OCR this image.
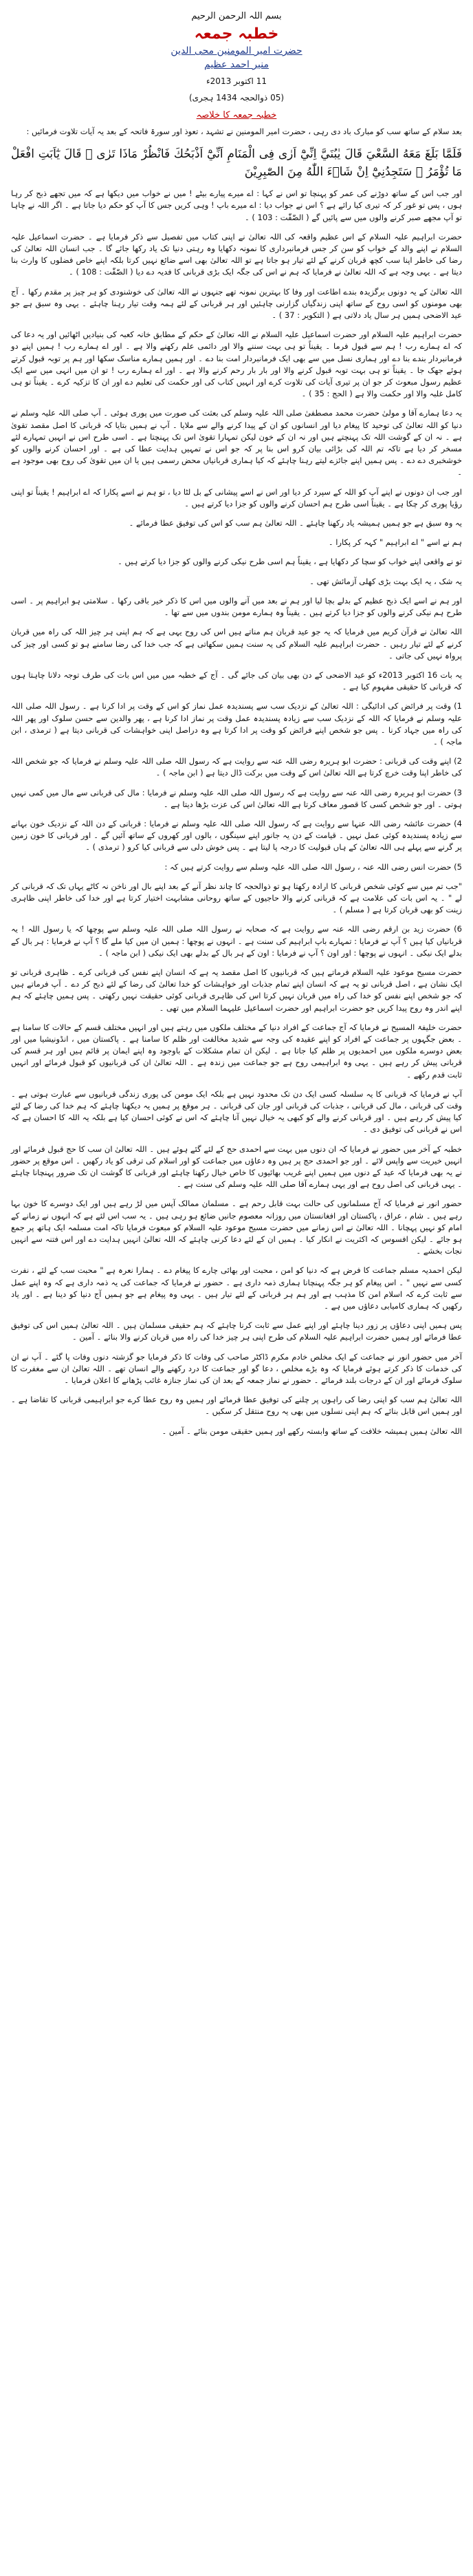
بسم اللہ الرحمن الرحیم
خطبہ جمعہ
حضرت امیر المومنین محی الدین
منیر احمد عظیم
11 اکتوبر 2013ء
(05 ذوالحجہ 1434 ہجری)
خطبہ جمعہ کا خلاصہ

بعد سلام کے ساتھ سب کو مبارک باد دی رہی ، حضرت امیر المومنین نے تشہد ، تعوذ اور سورۃ فاتحہ کے بعد یہ آیات تلاوت فرمائیں :

فَلَمَّا بَلَغَ مَعَهُ السَّعْيَ قَالَ يٰبُنَيَّ اِنِّيْٓ اَرٰى فِى الْمَنَامِ اَنِّيْٓ اَذْبَحُكَ فَانْظُرْ مَاذَا تَرٰى ۭ قَالَ يٰٓاَبَتِ افْعَلْ مَا تُؤْمَرُ ۡ سَتَجِدُنِيْٓ اِنْ شَاۗءَ اللّٰهُ مِنَ الصّٰبِرِيْنَ

اور جب اس کے ساتھ دوڑنے کی عمر کو پہنچا تو اس نے کہا : اے میرے پیارے بیٹے ! میں نے خواب میں دیکھا ہے کہ میں تجھے ذبح کر رہا ہوں ، پس تو غور کر کہ تیری کیا رائے ہے ؟ اس نے جواب دیا : اے میرے باپ ! وہی کریں جس کا آپ کو حکم دیا جاتا ہے ۔ اگر اللہ نے چاہا تو آپ مجھے صبر کرنے والوں میں سے پائیں گے ( الصّٰفّٰت : 103 ) ۔

حضرت ابراہیم علیہ السلام کے اس عظیم واقعہ کی اللہ تعالیٰ نے اپنی کتاب میں تفصیل سے ذکر فرمایا ہے ۔ حضرت اسماعیل علیہ السلام نے اپنے والد کے خواب کو سن کر جس فرمانبرداری کا نمونہ دکھایا وہ رہتی دنیا تک یاد رکھا جائے گا ۔ جب انسان اللہ تعالیٰ کی رضا کی خاطر اپنا سب کچھ قربان کرنے کے لئے تیار ہو جاتا ہے تو اللہ تعالیٰ بھی اسے ضائع نہیں کرتا بلکہ اپنے خاص فضلوں کا وارث بنا دیتا ہے ۔ یہی وجہ ہے کہ اللہ تعالیٰ نے فرمایا کہ ہم نے اس کی جگہ ایک بڑی قربانی کا فدیہ دے دیا ( الصّٰفّٰت : 108 ) ۔

اللہ تعالیٰ کے یہ دونوں برگزیدہ بندے اطاعت اور وفا کا بہترین نمونہ تھے جنہوں نے اللہ تعالیٰ کی خوشنودی کو ہر چیز پر مقدم رکھا ۔ آج بھی مومنوں کو اسی روح کے ساتھ اپنی زندگیاں گزارنی چاہئیں اور ہر قربانی کے لئے ہمہ وقت تیار رہنا چاہئے ۔ یہی وہ سبق ہے جو عید الاضحی ہمیں ہر سال یاد دلاتی ہے ( التکویر : 37 ) ۔

حضرت ابراہیم علیہ السلام اور حضرت اسماعیل علیہ السلام نے اللہ تعالیٰ کے حکم کے مطابق خانہ کعبہ کی بنیادیں اٹھائیں اور یہ دعا کی کہ اے ہمارے رب ! ہم سے قبول فرما ۔ یقیناً تو ہی بہت سننے والا اور دائمی علم رکھنے والا ہے ۔ اور اے ہمارے رب ! ہمیں اپنے دو فرمانبردار بندے بنا دے اور ہماری نسل میں سے بھی ایک فرمانبردار امت بنا دے ۔ اور ہمیں ہمارے مناسک سکھا اور ہم پر توبہ قبول کرتے ہوئے جھک جا ۔ یقیناً تو ہی بہت توبہ قبول کرنے والا اور بار بار رحم کرنے والا ہے ۔ اور اے ہمارے رب ! تو ان میں انہی میں سے ایک عظیم رسول مبعوث کر جو ان پر تیری آیات کی تلاوت کرے اور انہیں کتاب کی اور حکمت کی تعلیم دے اور ان کا تزکیہ کرے ۔ یقیناً تو ہی کامل غلبہ والا اور حکمت والا ہے ( الحج : 35 ) ۔

یہ دعا ہمارے آقا و مولیٰ حضرت محمد مصطفیٰ صلی اللہ علیہ وسلم کی بعثت کی صورت میں پوری ہوئی ۔ آپ صلی اللہ علیہ وسلم نے دنیا کو اللہ تعالیٰ کی توحید کا پیغام دیا اور انسانوں کو ان کے پیدا کرنے والے سے ملایا ۔ آپ نے ہمیں بتایا کہ قربانی کا اصل مقصد تقویٰ ہے ۔ نہ ان کے گوشت اللہ تک پہنچتے ہیں اور نہ ان کے خون لیکن تمہارا تقویٰ اس تک پہنچتا ہے ۔ اسی طرح اس نے انہیں تمہارے لئے مسخر کر دیا ہے تاکہ تم اللہ کی بڑائی بیان کرو اس بنا پر کہ جو اس نے تمہیں ہدایت عطا کی ہے ۔ اور احسان کرنے والوں کو خوشخبری دے دے ۔ پس ہمیں اپنے جائزے لیتے رہنا چاہئے کہ کیا ہماری قربانیاں محض رسمی ہیں یا ان میں تقویٰ کی روح بھی موجود ہے ۔

اور جب ان دونوں نے اپنے آپ کو اللہ کے سپرد کر دیا اور اس نے اسے پیشانی کے بل لٹا دیا ، تو ہم نے اسے پکارا کہ اے ابراہیم ! یقیناً تو اپنی رؤیا پوری کر چکا ہے ۔ یقیناً اسی طرح ہم احسان کرنے والوں کو جزا دیا کرتے ہیں ۔

یہ وہ سبق ہے جو ہمیں ہمیشہ یاد رکھنا چاہئے ۔ اللہ تعالیٰ ہم سب کو اس کی توفیق عطا فرمائے ۔

ہم نے اسے " اے ابراہیم " کہہ کر پکارا ۔

تو نے واقعی اپنے خواب کو سچا کر دکھایا ہے ، یقیناً ہم اسی طرح نیکی کرنے والوں کو جزا دیا کرتے ہیں ۔

یہ شک ، یہ ایک بہت بڑی کھلی آزمائش تھی ۔

اور ہم نے اسے ایک ذبح عظیم کے بدلے بچا لیا اور ہم نے بعد میں آنے والوں میں اس کا ذکر خیر باقی رکھا ۔ سلامتی ہو ابراہیم پر ۔ اسی طرح ہم نیکی کرنے والوں کو جزا دیا کرتے ہیں ۔ یقیناً وہ ہمارے مومن بندوں میں سے تھا ۔

اللہ تعالیٰ نے قرآن کریم میں فرمایا کہ یہ جو عید قربان ہم مناتے ہیں اس کی روح یہی ہے کہ ہم اپنی ہر چیز اللہ کی راہ میں قربان کرنے کے لئے تیار رہیں ۔ حضرت ابراہیم علیہ السلام کی یہ سنت ہمیں سکھاتی ہے کہ جب خدا کی رضا سامنے ہو تو کسی اور چیز کی پرواہ نہیں کی جاتی ۔

یہ بات 16 اکتوبر 2013ء کو عید الاضحی کے دن بھی بیان کی جائے گی ۔ آج کے خطبہ میں میں اس بات کی طرف توجہ دلانا چاہتا ہوں کہ قربانی کا حقیقی مفہوم کیا ہے ۔

1) وقت پر فرائض کی ادائیگی : اللہ تعالیٰ کے نزدیک سب سے پسندیدہ عمل نماز کو اس کے وقت پر ادا کرنا ہے ۔ رسول اللہ صلی اللہ علیہ وسلم نے فرمایا کہ اللہ کے نزدیک سب سے زیادہ پسندیدہ عمل وقت پر نماز ادا کرنا ہے ، پھر والدین سے حسن سلوک اور پھر اللہ کی راہ میں جہاد کرنا ۔ پس جو شخص اپنے فرائض کو وقت پر ادا کرتا ہے وہ دراصل اپنی خواہشات کی قربانی دیتا ہے ( ترمذی ، ابن ماجہ ) ۔

2) اپنے وقت کی قربانی : حضرت ابو ہریرہ رضی اللہ عنہ سے روایت ہے کہ رسول اللہ صلی اللہ علیہ وسلم نے فرمایا کہ جو شخص اللہ کی خاطر اپنا وقت خرچ کرتا ہے اللہ تعالیٰ اس کے وقت میں برکت ڈال دیتا ہے ( ابن ماجہ ) ۔

3) حضرت ابو ہریرہ رضی اللہ عنہ سے روایت ہے کہ رسول اللہ صلی اللہ علیہ وسلم نے فرمایا : مال کی قربانی سے مال میں کمی نہیں ہوتی ۔ اور جو شخص کسی کا قصور معاف کرتا ہے اللہ تعالیٰ اس کی عزت بڑھا دیتا ہے ۔

4) حضرت عائشہ رضی اللہ عنہا سے روایت ہے کہ رسول اللہ صلی اللہ علیہ وسلم نے فرمایا : قربانی کے دن اللہ کے نزدیک خون بہانے سے زیادہ پسندیدہ کوئی عمل نہیں ۔ قیامت کے دن یہ جانور اپنے سینگوں ، بالوں اور کھروں کے ساتھ آئیں گے ۔ اور قربانی کا خون زمین پر گرنے سے پہلے ہی اللہ تعالیٰ کے ہاں قبولیت کا درجہ پا لیتا ہے ۔ پس خوش دلی سے قربانی کیا کرو ( ترمذی ) ۔

5) حضرت انس رضی اللہ عنہ ، رسول اللہ صلی اللہ علیہ وسلم سے روایت کرتے ہیں کہ :

"جب تم میں سے کوئی شخص قربانی کا ارادہ رکھتا ہو تو ذوالحجہ کا چاند نظر آنے کے بعد اپنے بال اور ناخن نہ کاٹے یہاں تک کہ قربانی کر لے " ۔ یہ اس بات کی علامت ہے کہ قربانی کرنے والا حاجیوں کے ساتھ روحانی مشابہت اختیار کرتا ہے اور خدا کی خاطر اپنی ظاہری زینت کو بھی قربان کرتا ہے ( مسلم ) ۔

6) حضرت زید بن ارقم رضی اللہ عنہ سے روایت ہے کہ صحابہ نے رسول اللہ صلی اللہ علیہ وسلم سے پوچھا کہ یا رسول اللہ ! یہ قربانیاں کیا ہیں ؟ آپ نے فرمایا : تمہارے باپ ابراہیم کی سنت ہے ۔ انہوں نے پوچھا : ہمیں ان میں کیا ملے گا ؟ آپ نے فرمایا : ہر بال کے بدلے ایک نیکی ۔ انہوں نے پوچھا : اور اون ؟ آپ نے فرمایا : اون کے ہر بال کے بدلے بھی ایک نیکی ( ابن ماجہ ) ۔

حضرت مسیح موعود علیہ السلام فرماتے ہیں کہ قربانیوں کا اصل مقصد یہ ہے کہ انسان اپنے نفس کی قربانی کرے ۔ ظاہری قربانی تو ایک نشان ہے ، اصل قربانی تو یہ ہے کہ انسان اپنے تمام جذبات اور خواہشات کو خدا تعالیٰ کی رضا کے لئے ذبح کر دے ۔ آپ فرماتے ہیں کہ جو شخص اپنے نفس کو خدا کی راہ میں قربان نہیں کرتا اس کی ظاہری قربانی کوئی حقیقت نہیں رکھتی ۔ پس ہمیں چاہئے کہ ہم اپنے اندر وہ روح پیدا کریں جو حضرت ابراہیم اور حضرت اسماعیل علیہما السلام میں تھی ۔

حضرت خلیفۃ المسیح نے فرمایا کہ آج جماعت کے افراد دنیا کے مختلف ملکوں میں رہتے ہیں اور انہیں مختلف قسم کے حالات کا سامنا ہے ۔ بعض جگہوں پر جماعت کے افراد کو اپنے عقیدہ کی وجہ سے شدید مخالفت اور ظلم کا سامنا ہے ۔ پاکستان میں ، انڈونیشیا میں اور بعض دوسرے ملکوں میں احمدیوں پر ظلم کیا جاتا ہے ۔ لیکن ان تمام مشکلات کے باوجود وہ اپنے ایمان پر قائم ہیں اور ہر قسم کی قربانی پیش کر رہے ہیں ۔ یہی وہ ابراہیمی روح ہے جو جماعت میں زندہ ہے ۔ اللہ تعالیٰ ان کی قربانیوں کو قبول فرمائے اور انہیں ثابت قدم رکھے ۔

آپ نے فرمایا کہ قربانی کا یہ سلسلہ کسی ایک دن تک محدود نہیں ہے بلکہ ایک مومن کی پوری زندگی قربانیوں سے عبارت ہوتی ہے ۔ وقت کی قربانی ، مال کی قربانی ، جذبات کی قربانی اور جان کی قربانی ۔ ہر موقع پر ہمیں یہ دیکھنا چاہئے کہ ہم خدا کی رضا کے لئے کیا پیش کر رہے ہیں ۔ اور قربانی کرنے والے کو کبھی یہ خیال نہیں آنا چاہئے کہ اس نے کوئی احسان کیا ہے بلکہ یہ اللہ کا احسان ہے کہ اس نے قربانی کی توفیق دی ۔

خطبہ کے آخر میں حضور نے فرمایا کہ ان دنوں میں بہت سے احمدی حج کے لئے گئے ہوئے ہیں ۔ اللہ تعالیٰ ان سب کا حج قبول فرمائے اور انہیں خیریت سے واپس لائے ۔ اور جو احمدی حج پر ہیں وہ دعاؤں میں جماعت کو اور اسلام کی ترقی کو یاد رکھیں ۔ اس موقع پر حضور نے یہ بھی فرمایا کہ عید کے دنوں میں ہمیں اپنے غریب بھائیوں کا خاص خیال رکھنا چاہئے اور قربانی کا گوشت ان تک ضرور پہنچانا چاہئے ۔ یہی قربانی کی اصل روح ہے اور یہی ہمارے آقا صلی اللہ علیہ وسلم کی سنت ہے ۔

حضور انور نے فرمایا کہ آج مسلمانوں کی حالت بہت قابل رحم ہے ۔ مسلمان ممالک آپس میں لڑ رہے ہیں اور ایک دوسرے کا خون بہا رہے ہیں ۔ شام ، عراق ، پاکستان اور افغانستان میں روزانہ معصوم جانیں ضائع ہو رہی ہیں ۔ یہ سب اس لئے ہے کہ انہوں نے زمانے کے امام کو نہیں پہچانا ۔ اللہ تعالیٰ نے اس زمانے میں حضرت مسیح موعود علیہ السلام کو مبعوث فرمایا تاکہ امت مسلمہ ایک ہاتھ پر جمع ہو جائے ۔ لیکن افسوس کہ اکثریت نے انکار کیا ۔ ہمیں ان کے لئے دعا کرنی چاہئے کہ اللہ تعالیٰ انہیں ہدایت دے اور اس فتنہ سے انہیں نجات بخشے ۔

لیکن احمدیہ مسلم جماعت کا فرض ہے کہ دنیا کو امن ، محبت اور بھائی چارے کا پیغام دے ۔ ہمارا نعرہ ہے " محبت سب کے لئے ، نفرت کسی سے نہیں " ۔ اس پیغام کو ہر جگہ پہنچانا ہماری ذمہ داری ہے ۔ حضور نے فرمایا کہ جماعت کی یہ ذمہ داری ہے کہ وہ اپنے عمل سے ثابت کرے کہ اسلام امن کا مذہب ہے اور ہم ہر قربانی کے لئے تیار ہیں ۔ یہی وہ پیغام ہے جو ہمیں آج دنیا کو دینا ہے ۔ اور یاد رکھیں کہ ہماری کامیابی دعاؤں میں ہے ۔

پس ہمیں اپنی دعاؤں پر زور دینا چاہئے اور اپنے عمل سے ثابت کرنا چاہئے کہ ہم حقیقی مسلمان ہیں ۔ اللہ تعالیٰ ہمیں اس کی توفیق عطا فرمائے اور ہمیں حضرت ابراہیم علیہ السلام کی طرح اپنی ہر چیز خدا کی راہ میں قربان کرنے والا بنائے ۔ آمین ۔

آخر میں حضور انور نے جماعت کے ایک مخلص خادم مکرم ڈاکٹر صاحب کی وفات کا ذکر فرمایا جو گزشتہ دنوں وفات پا گئے ۔ آپ نے ان کی خدمات کا ذکر کرتے ہوئے فرمایا کہ وہ بڑے مخلص ، دعا گو اور جماعت کا درد رکھنے والے انسان تھے ۔ اللہ تعالیٰ ان سے مغفرت کا سلوک فرمائے اور ان کے درجات بلند فرمائے ۔ حضور نے نماز جمعہ کے بعد ان کی نماز جنازہ غائب پڑھانے کا اعلان فرمایا ۔

اللہ تعالیٰ ہم سب کو اپنی رضا کی راہوں پر چلنے کی توفیق عطا فرمائے اور ہمیں وہ روح عطا کرے جو ابراہیمی قربانی کا تقاضا ہے ۔ اور ہمیں اس قابل بنائے کہ ہم اپنی نسلوں میں بھی یہ روح منتقل کر سکیں ۔

اللہ تعالیٰ ہمیں ہمیشہ خلافت کے ساتھ وابستہ رکھے اور ہمیں حقیقی مومن بنائے ۔ آمین ۔
